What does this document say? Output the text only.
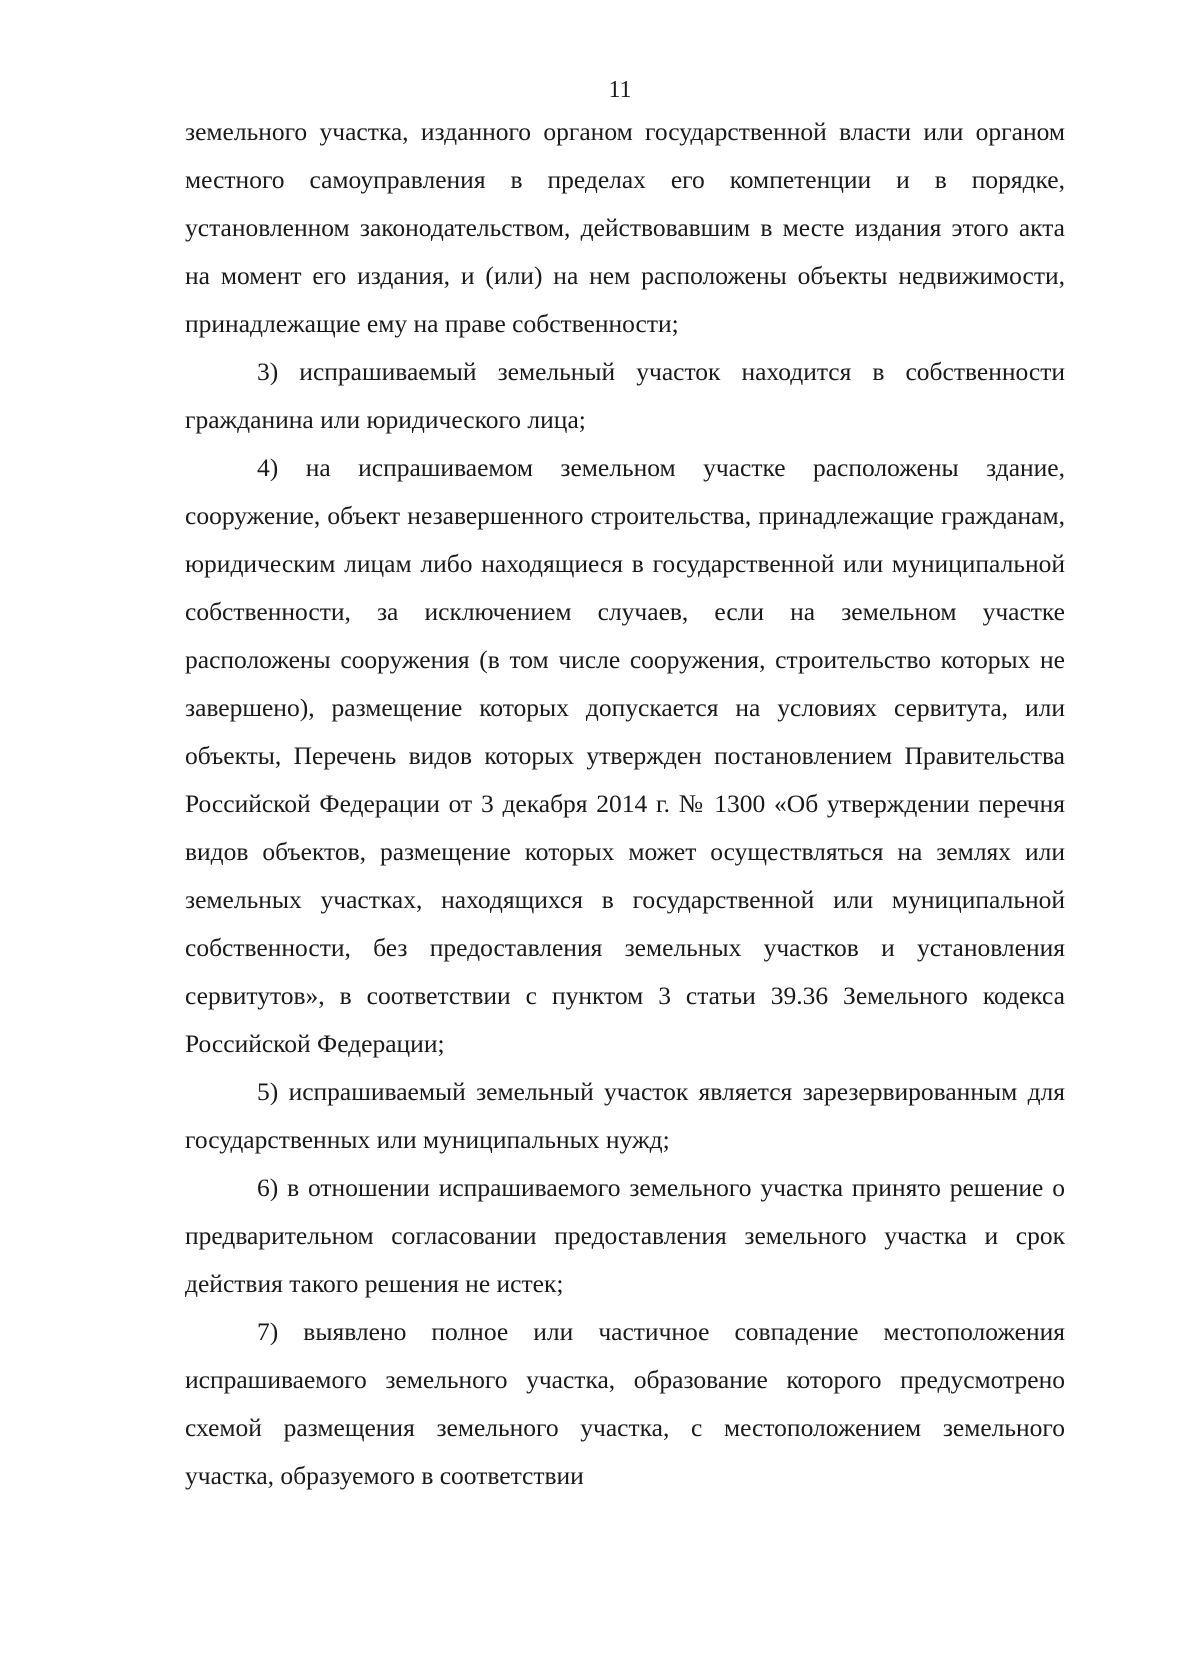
11

земельного участка, изданного органом государственной власти или органом местного самоуправления в пределах его компетенции и в порядке, установленном законодательством, действовавшим в месте издания этого акта на момент его издания, и (или) на нем расположены объекты недвижимости, принадлежащие ему на праве собственности;

3) испрашиваемый земельный участок находится в собственности гражданина или юридического лица;

4) на испрашиваемом земельном участке расположены здание, сооружение, объект незавершенного строительства, принадлежащие гражданам, юридическим лицам либо находящиеся в государственной или муниципальной собственности, за исключением случаев, если на земельном участке расположены сооружения (в том числе сооружения, строительство которых не завершено), размещение которых допускается на условиях сервитута, или объекты, Перечень видов которых утвержден постановлением Правительства Российской Федерации от 3 декабря 2014 г. № 1300 «Об утверждении перечня видов объектов, размещение которых может осуществляться на землях или земельных участках, находящихся в государственной или муниципальной собственности, без предоставления земельных участков и установления сервитутов», в соответствии с пунктом 3 статьи 39.36 Земельного кодекса Российской Федерации;

5) испрашиваемый земельный участок является зарезервированным для государственных или муниципальных нужд;

6) в отношении испрашиваемого земельного участка принято решение о предварительном согласовании предоставления земельного участка и срок действия такого решения не истек;

7) выявлено полное или частичное совпадение местоположения испрашиваемого земельного участка, образование которого предусмотрено схемой размещения земельного участка, с местоположением земельного участка, образуемого в соответствии
